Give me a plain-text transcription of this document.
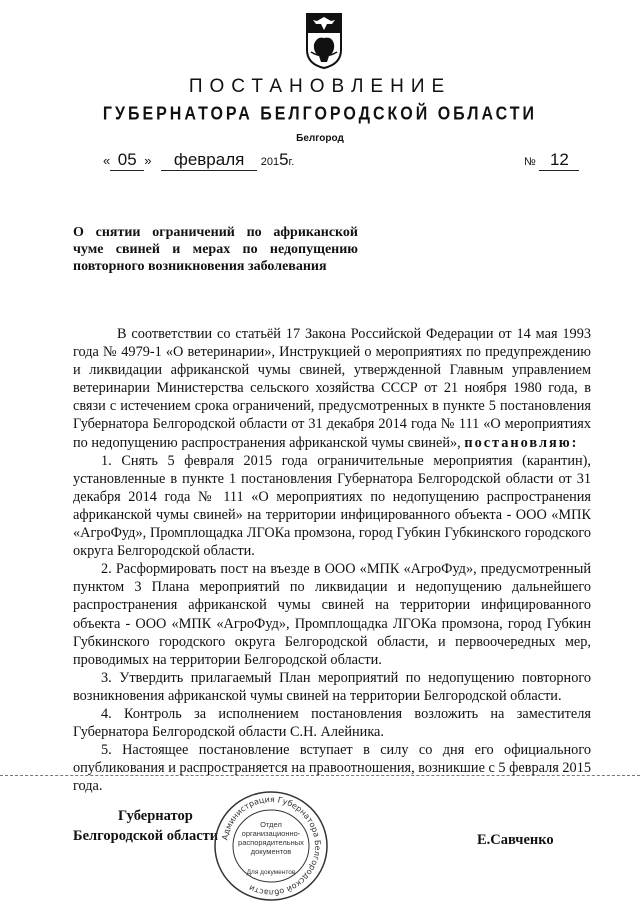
ПОСТАНОВЛЕНИЕ
ГУБЕРНАТОРА БЕЛГОРОДСКОЙ ОБЛАСТИ
Белгород
« 05 » февраля 2015г.	№ 12
О снятии ограничений по африканской чуме свиней и мерах по недопущению повторного возникновения заболевания

В соответствии со статьёй 17 Закона Российской Федерации от 14 мая 1993 года № 4979-1 «О ветеринарии», Инструкцией о мероприятиях по предупреждению и ликвидации африканской чумы свиней, утвержденной Главным управлением ветеринарии Министерства сельского хозяйства СССР от 21 ноября 1980 года, в связи с истечением срока ограничений, предусмотренных в пункте 5 постановления Губернатора Белгородской области от 31 декабря 2014 года № 111 «О мероприятиях по недопущению распространения африканской чумы свиней», постановляю:

1. Снять 5 февраля 2015 года ограничительные мероприятия (карантин), установленные в пункте 1 постановления Губернатора Белгородской области от 31 декабря 2014 года № 111 «О мероприятиях по недопущению распространения африканской чумы свиней» на территории инфицированного объекта - ООО «МПК «АгроФуд», Промплощадка ЛГОКа промзона, город Губкин Губкинского городского округа Белгородской области.

2. Расформировать пост на въезде в ООО «МПК «АгроФуд», предусмотренный пунктом 3 Плана мероприятий по ликвидации и недопущению дальнейшего распространения африканской чумы свиней на территории инфицированного объекта - ООО «МПК «АгроФуд», Промплощадка ЛГОКа промзона, город Губкин Губкинского городского округа Белгородской области, и первоочередных мер, проводимых на территории Белгородской области.

3. Утвердить прилагаемый План мероприятий по недопущению повторного возникновения африканской чумы свиней на территории Белгородской области.

4. Контроль за исполнением постановления возложить на заместителя Губернатора Белгородской области С.Н. Алейника.

5. Настоящее постановление вступает в силу со дня его официального опубликования и распространяется на правоотношения, возникшие с 5 февраля 2015 года.

Губернатор
Белгородской области	Е.Савченко
Администрация Губернатора Белгородской области
Отдел
организационно-
распорядительных
документов
Для документов
